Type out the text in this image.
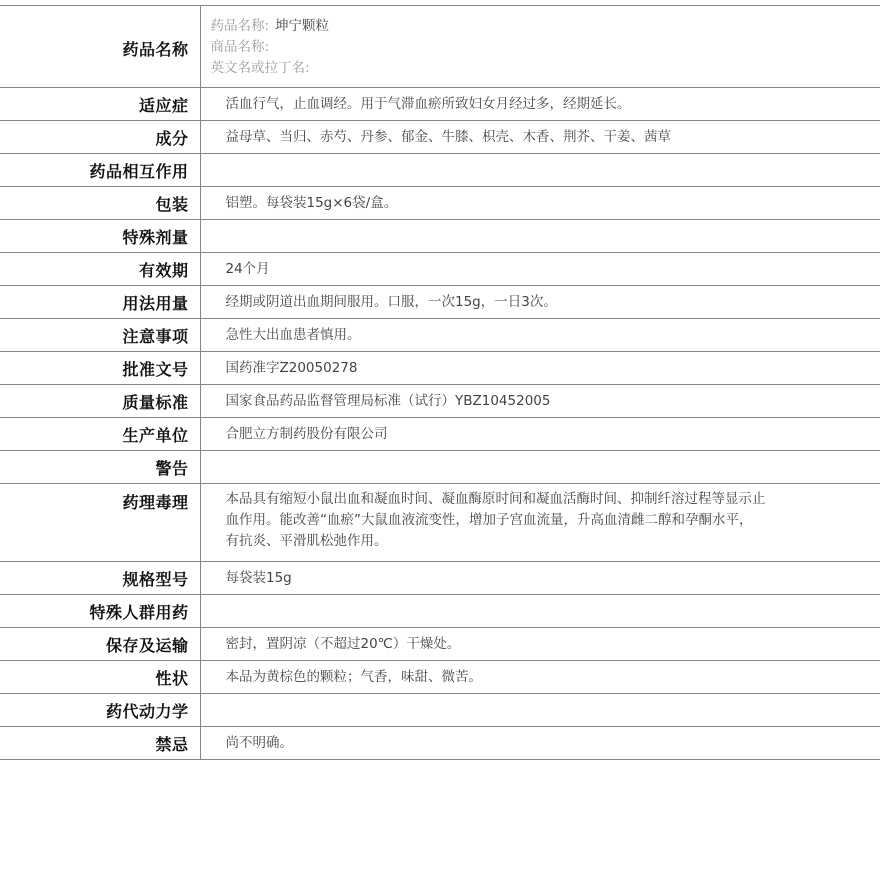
药品名称	药品名称: 坤宁颗粒
商品名称:
英文名或拉丁名:

适应症	活血行气，止血调经。用于气滞血瘀所致妇女月经过多，经期延长。
成分	益母草、当归、赤芍、丹参、郁金、牛膝、枳壳、木香、荆芥、干姜、茜草
药品相互作用	
包装	铝塑。每袋装15g×6袋/盒。
特殊剂量	
有效期	24个月
用法用量	经期或阴道出血期间服用。口服，一次15g，一日3次。
注意事项	急性大出血患者慎用。
批准文号	国药准字Z20050278
质量标准	国家食品药品监督管理局标准（试行）YBZ10452005
生产单位	合肥立方制药股份有限公司
警告	
药理毒理	本品具有缩短小鼠出血和凝血时间、凝血酶原时间和凝血活酶时间、抑制纤溶过程等显示止
血作用。能改善“血瘀”大鼠血液流变性，增加子宫血流量，升高血清雌二醇和孕酮水平，
有抗炎、平滑肌松弛作用。

规格型号	每袋装15g
特殊人群用药	
保存及运输	密封，置阴凉（不超过20℃）干燥处。
性状	本品为黄棕色的颗粒；气香，味甜、微苦。
药代动力学	
禁忌	尚不明确。
